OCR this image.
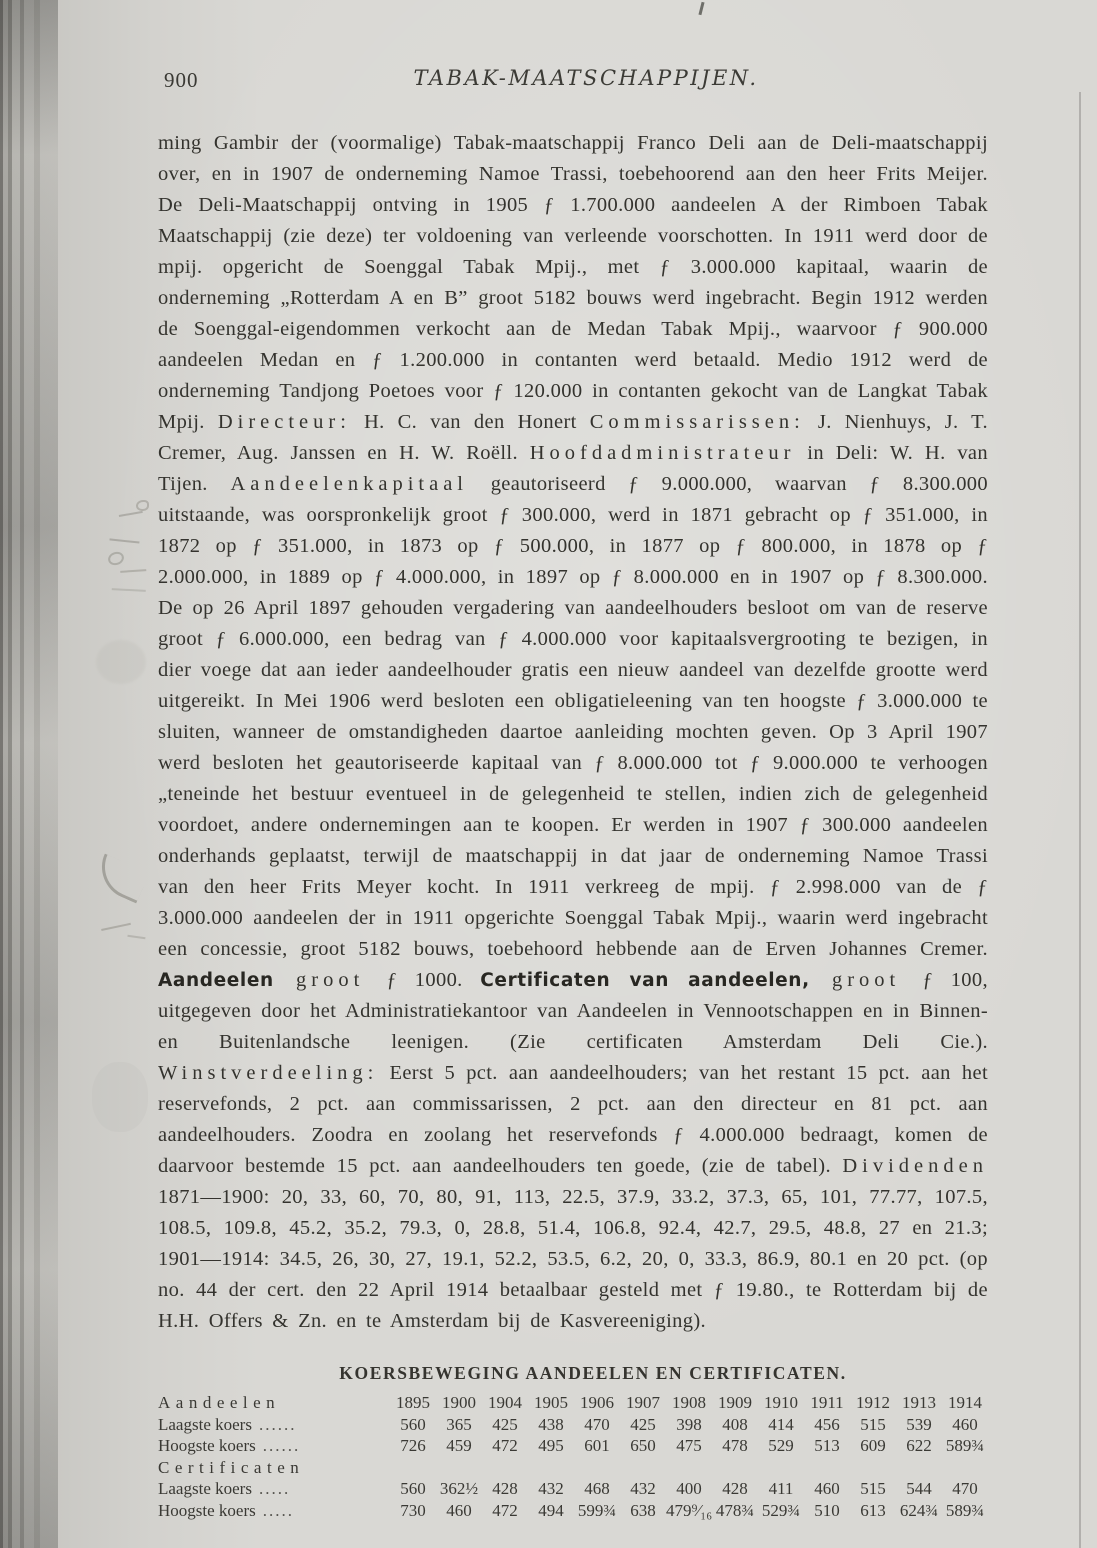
900	TABAK-MAATSCHAPPIJEN.

ming Gambir der (voormalige) Tabak-maatschappij Franco Deli aan de Deli-maatschappij over, en in 1907 de onderneming Namoe Trassi, toebehoorend aan den heer Frits Meijer. De Deli-Maatschappij ontving in 1905 ƒ 1.700.000 aandeelen A der Rimboen Tabak Maatschappij (zie deze) ter voldoening van verleende voorschotten. In 1911 werd door de mpij. opgericht de Soenggal Tabak Mpij., met ƒ 3.000.000 kapitaal, waarin de onderneming „Rotterdam A en B” groot 5182 bouws werd ingebracht. Begin 1912 werden de Soenggal-eigendommen verkocht aan de Medan Tabak Mpij., waarvoor ƒ 900.000 aandeelen Medan en ƒ 1.200.000 in contanten werd betaald. Medio 1912 werd de onderneming Tandjong Poetoes voor ƒ 120.000 in contanten gekocht van de Langkat Tabak Mpij. Directeur: H. C. van den Honert Commissarissen: J. Nienhuys, J. T. Cremer, Aug. Janssen en H. W. Roëll. Hoofdadministrateur in Deli: W. H. van Tijen. Aandeelenkapitaal geautoriseerd ƒ 9.000.000, waarvan ƒ 8.300.000 uitstaande, was oorspronkelijk groot ƒ 300.000, werd in 1871 gebracht op ƒ 351.000, in 1872 op ƒ 351.000, in 1873 op ƒ 500.000, in 1877 op ƒ 800.000, in 1878 op ƒ 2.000.000, in 1889 op ƒ 4.000.000, in 1897 op ƒ 8.000.000 en in 1907 op ƒ 8.300.000. De op 26 April 1897 gehouden vergadering van aandeelhouders besloot om van de reserve groot ƒ 6.000.000, een bedrag van ƒ 4.000.000 voor kapitaalsvergrooting te bezigen, in dier voege dat aan ieder aandeelhouder gratis een nieuw aandeel van dezelfde grootte werd uitgereikt. In Mei 1906 werd besloten een obligatieleening van ten hoogste ƒ 3.000.000 te sluiten, wanneer de omstandigheden daartoe aanleiding mochten geven. Op 3 April 1907 werd besloten het geautoriseerde kapitaal van ƒ 8.000.000 tot ƒ 9.000.000 te verhoogen „teneinde het bestuur eventueel in de gelegenheid te stellen, indien zich de gelegenheid voordoet, andere ondernemingen aan te koopen. Er werden in 1907 ƒ 300.000 aandeelen onderhands geplaatst, terwijl de maatschappij in dat jaar de onderneming Namoe Trassi van den heer Frits Meyer kocht. In 1911 verkreeg de mpij. ƒ 2.998.000 van de ƒ 3.000.000 aandeelen der in 1911 opgerichte Soenggal Tabak Mpij., waarin werd ingebracht een concessie, groot 5182 bouws, toebehoord hebbende aan de Erven Johannes Cremer. Aandeelen groot ƒ 1000. Certificaten van aandeelen, groot ƒ 100, uitgegeven door het Administratiekantoor van Aandeelen in Vennootschappen en in Binnen- en Buitenlandsche leenigen. (Zie certificaten Amsterdam Deli Cie.). Winstverdeeling: Eerst 5 pct. aan aandeelhouders; van het restant 15 pct. aan het reservefonds, 2 pct. aan commissarissen, 2 pct. aan den directeur en 81 pct. aan aandeelhouders. Zoodra en zoolang het reservefonds ƒ 4.000.000 bedraagt, komen de daarvoor bestemde 15 pct. aan aandeelhouders ten goede, (zie de tabel). Dividenden 1871—1900: 20, 33, 60, 70, 80, 91, 113, 22.5, 37.9, 33.2, 37.3, 65, 101, 77.77, 107.5, 108.5, 109.8, 45.2, 35.2, 79.3, 0, 28.8, 51.4, 106.8, 92.4, 42.7, 29.5, 48.8, 27 en 21.3; 1901—1914: 34.5, 26, 30, 27, 19.1, 52.2, 53.5, 6.2, 20, 0, 33.3, 86.9, 80.1 en 20 pct. (op no. 44 der cert. den 22 April 1914 betaalbaar gesteld met ƒ 19.80., te Rotterdam bij de H.H. Offers & Zn. en te Amsterdam bij de Kasvereeniging).

KOERSBEWEGING AANDEELEN EN CERTIFICATEN.
Aandeelen	1895 1900 1904 1905 1906 1907 1908 1909 1910 1911 1912 1913 1914
Laagste koers ......	560	365	425	438	470	425	398	408	414	456	515	539	460
Hoogste koers ......	726	459	472	495	601	650	475	478	529	513	609	622 589¾
Certificaten
Laagste koers .....	560 362½ 428	432	468	432	400	428	411	460	515	544	470
Hoogste koers .....	730	460	472	494 599¾ 638 479⁹⁄₁₆ 478¾ 529¾ 510	613 624¾ 589¾
